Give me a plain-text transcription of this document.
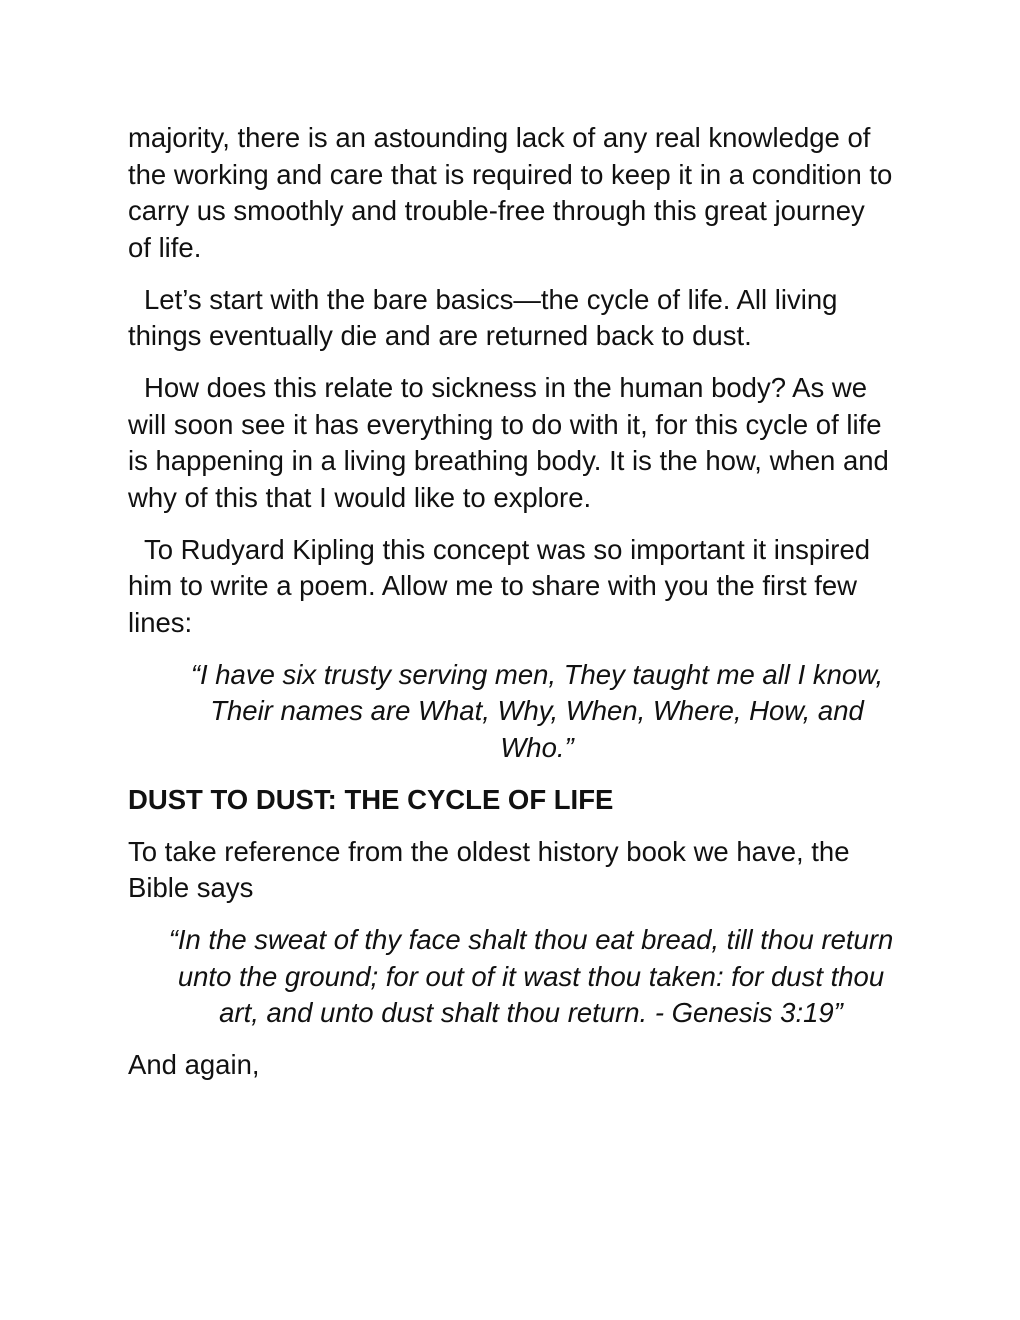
majority, there is an astounding lack of any real knowledge of the working and care that is required to keep it in a condition to carry us smoothly and trouble-free through this great journey of life.

Let’s start with the bare basics—the cycle of life. All living things eventually die and are returned back to dust.

How does this relate to sickness in the human body? As we will soon see it has everything to do with it, for this cycle of life is happening in a living breathing body. It is the how, when and why of this that I would like to explore.

To Rudyard Kipling this concept was so important it inspired him to write a poem. Allow me to share with you the first few lines:

“I have six trusty serving men, They taught me all I know, Their names are What, Why, When, Where, How, and Who.”

DUST TO DUST: THE CYCLE OF LIFE

To take reference from the oldest history book we have, the Bible says

“In the sweat of thy face shalt thou eat bread, till thou return unto the ground; for out of it wast thou taken: for dust thou art, and unto dust shalt thou return. - Genesis 3:19”

And again,
